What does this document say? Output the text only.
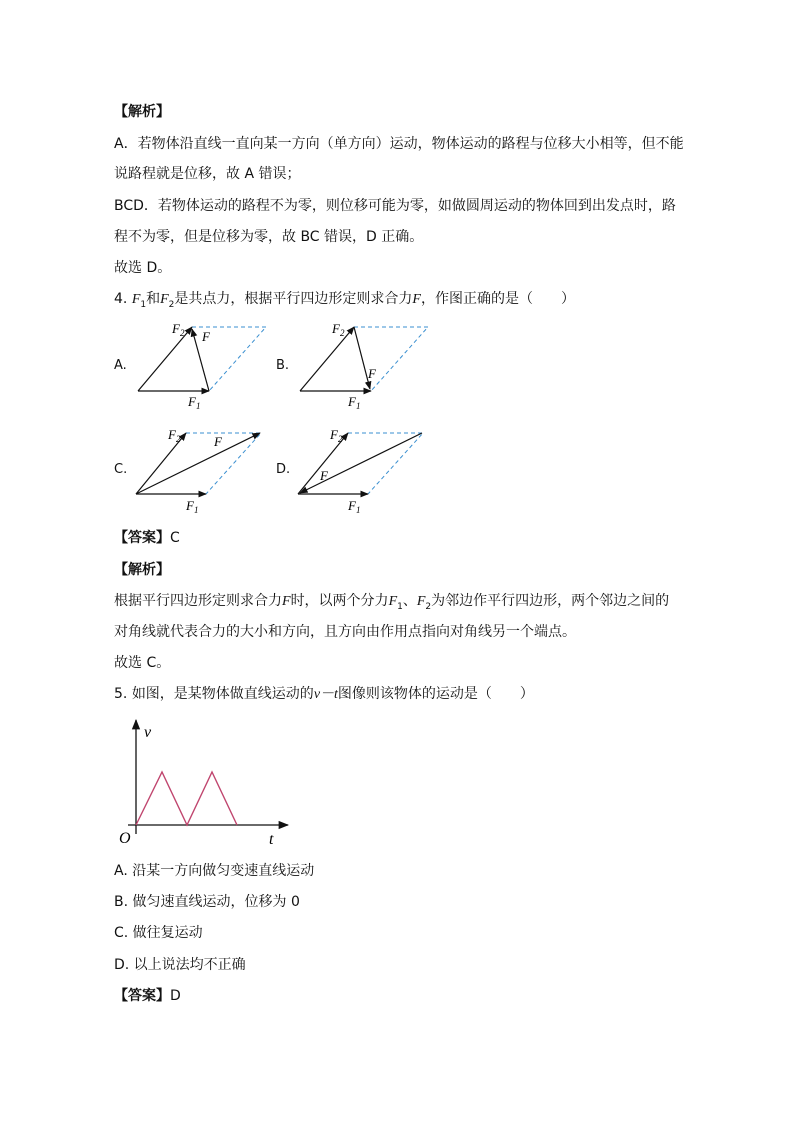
【解析】
A．若物体沿直线一直向某一方向（单方向）运动，物体运动的路程与位移大小相等，但不能
说路程就是位移，故 A 错误；
BCD．若物体运动的路程不为零，则位移可能为零，如做圆周运动的物体回到出发点时，路
程不为零，但是位移为零，故 BC 错误，D 正确。
故选 D。
4. $F_1$和$F_2$是共点力，根据平行四边形定则求合力F，作图正确的是（　　）
A.	B.
C.	D.
$F_2$ F
$F_1$
$F_2$
F
$F_1$
$F_2$	F
$F_1$
$F_2$
F
$F_1$
【答案】C
【解析】
根据平行四边形定则求合力F时，以两个分力$F_1$、$F_2$为邻边作平行四边形，两个邻边之间的
对角线就代表合力的大小和方向，且方向由作用点指向对角线另一个端点。
故选 C。
5. 如图，是某物体做直线运动的v－t图像则该物体的运动是（　　）
v
t
O
A. 沿某一方向做匀变速直线运动
B. 做匀速直线运动，位移为 0
C. 做往复运动
D. 以上说法均不正确
【答案】D
